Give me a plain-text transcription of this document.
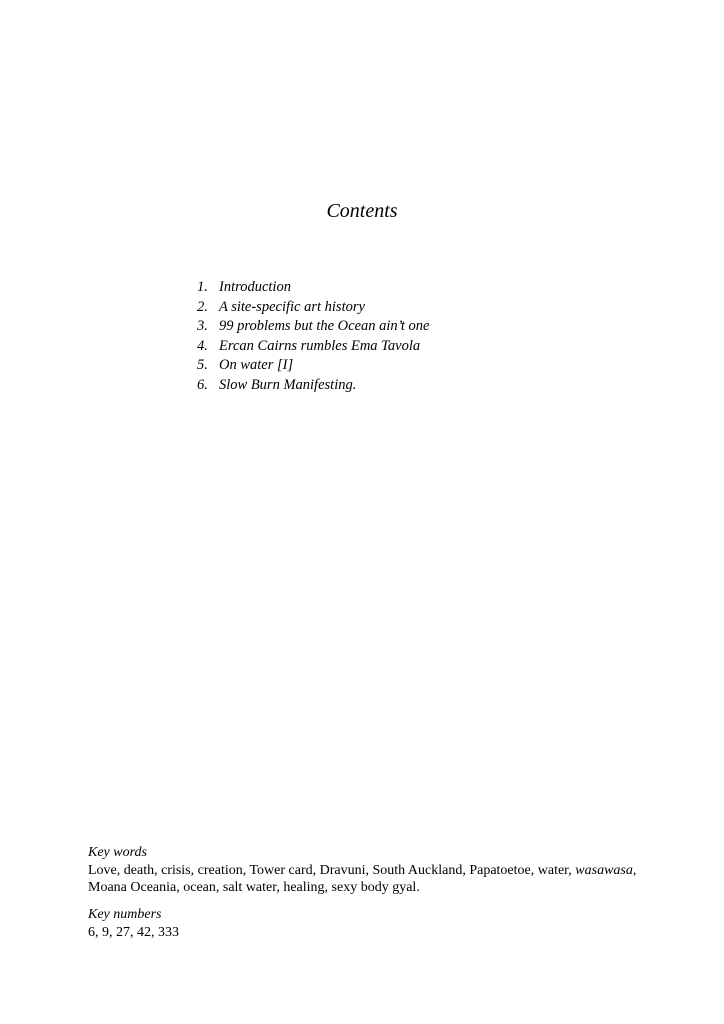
Contents
1. Introduction
2. A site-specific art history
3. 99 problems but the Ocean ain’t one
4. Ercan Cairns rumbles Ema Tavola
5. On water [I]
6. Slow Burn Manifesting.
Key words
Love, death, crisis, creation, Tower card, Dravuni, South Auckland, Papatoetoe, water, wasawasa,
Moana Oceania, ocean, salt water, healing, sexy body gyal.
Key numbers
6, 9, 27, 42, 333
